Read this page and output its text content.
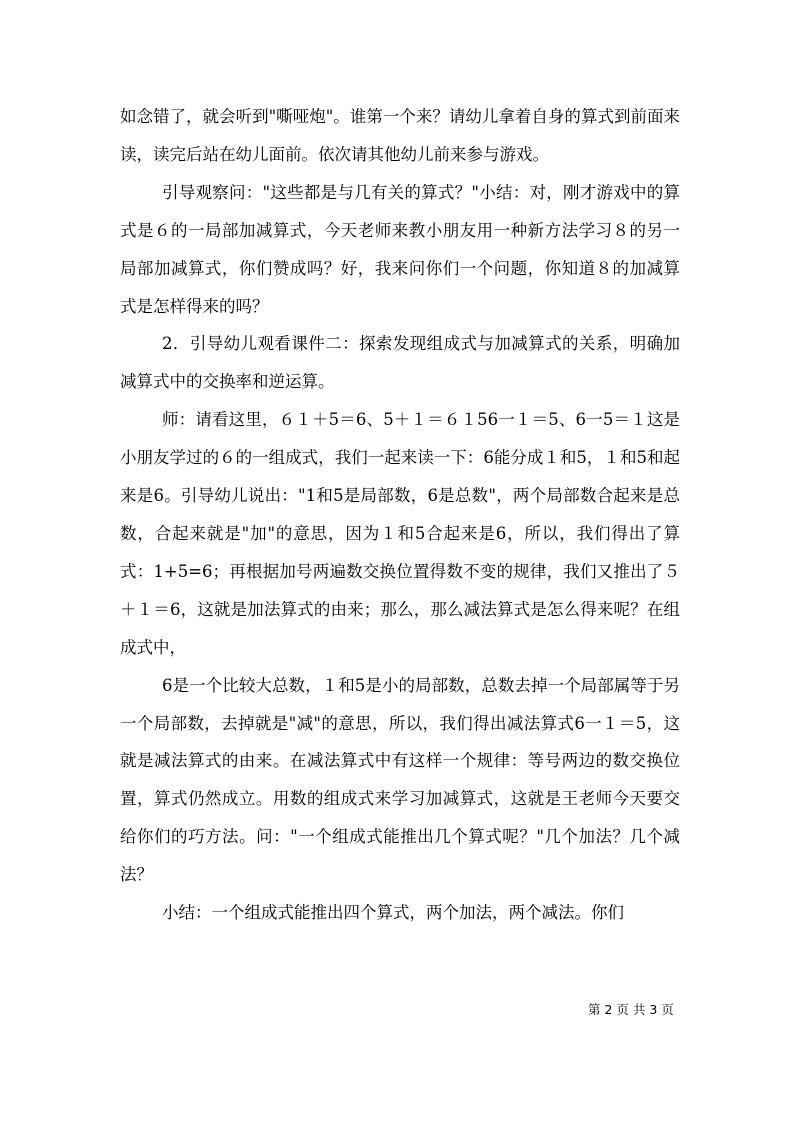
如念错了，就会听到"嘶哑炮"。谁第一个来？请幼儿拿着自身的算式到前面来读，读完后站在幼儿面前。依次请其他幼儿前来参与游戏。

引导观察问："这些都是与几有关的算式？"小结：对，刚才游戏中的算式是６的一局部加减算式，今天老师来教小朋友用一种新方法学习８的另一局部加减算式，你们赞成吗？好，我来问你们一个问题，你知道８的加减算式是怎样得来的吗？

2．引导幼儿观看课件二：探索发现组成式与加减算式的关系，明确加减算式中的交换率和逆运算。

师：请看这里，６１＋5＝6、5＋１＝６１56一１＝5、6一5＝１这是小朋友学过的６的一组成式，我们一起来读一下：6能分成１和5，１和5和起来是6。引导幼儿说出："1和5是局部数，6是总数"，两个局部数合起来是总数，合起来就是"加"的意思，因为１和5合起来是6，所以，我们得出了算式：1+5=6；再根据加号两遍数交换位置得数不变的规律，我们又推出了５＋１＝6，这就是加法算式的由来；那么，那么减法算式是怎么得来呢？在组成式中，

6是一个比较大总数，１和5是小的局部数，总数去掉一个局部属等于另一个局部数，去掉就是"减"的意思，所以，我们得出减法算式6一１＝5，这就是减法算式的由来。在减法算式中有这样一个规律：等号两边的数交换位置，算式仍然成立。用数的组成式来学习加减算式，这就是王老师今天要交给你们的巧方法。问："一个组成式能推出几个算式呢？"几个加法？几个减法？

小结：一个组成式能推出四个算式，两个加法，两个减法。你们

第 2 页 共 3 页
